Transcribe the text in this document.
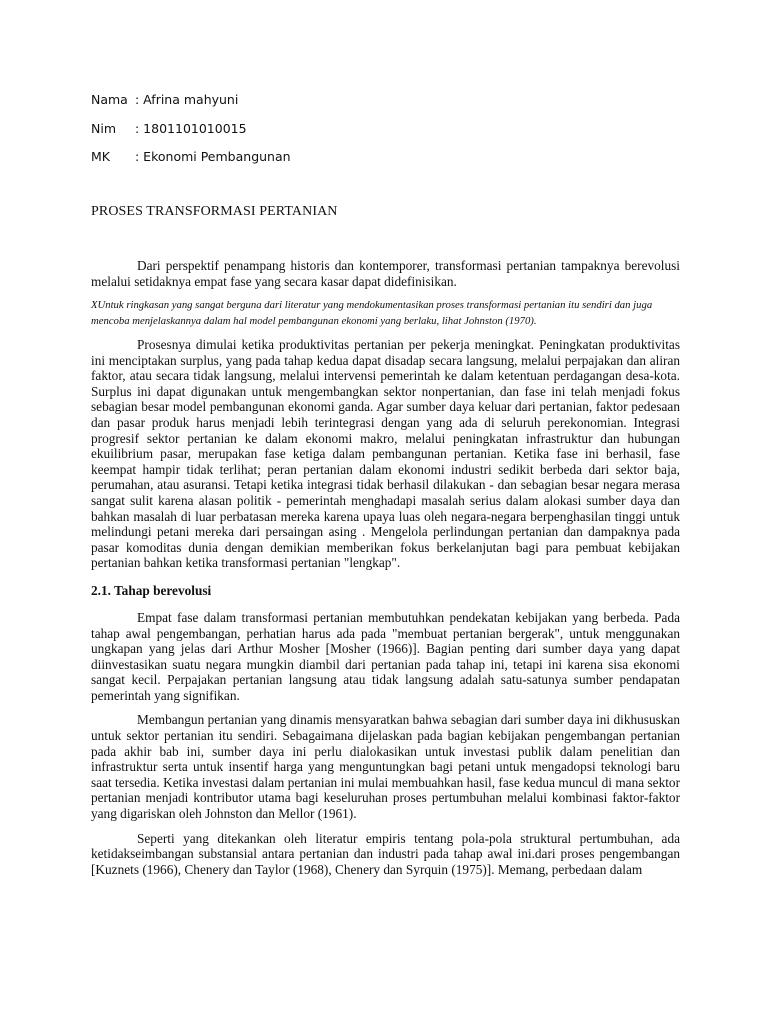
Nama : Afrina mahyuni
Nim : 1801101010015
MK : Ekonomi Pembangunan
PROSES TRANSFORMASI PERTANIAN

Dari perspektif penampang historis dan kontemporer, transformasi pertanian tampaknya berevolusi melalui setidaknya empat fase yang secara kasar dapat didefinisikan.

XUntuk ringkasan yang sangat berguna dari literatur yang mendokumentasikan proses transformasi pertanian itu sendiri dan juga mencoba menjelaskannya dalam hal model pembangunan ekonomi yang berlaku, lihat Johnston (1970).

Prosesnya dimulai ketika produktivitas pertanian per pekerja meningkat. Peningkatan produktivitas ini menciptakan surplus, yang pada tahap kedua dapat disadap secara langsung, melalui perpajakan dan aliran faktor, atau secara tidak langsung, melalui intervensi pemerintah ke dalam ketentuan perdagangan desa-kota. Surplus ini dapat digunakan untuk mengembangkan sektor nonpertanian, dan fase ini telah menjadi fokus sebagian besar model pembangunan ekonomi ganda. Agar sumber daya keluar dari pertanian, faktor pedesaan dan pasar produk harus menjadi lebih terintegrasi dengan yang ada di seluruh perekonomian. Integrasi progresif sektor pertanian ke dalam ekonomi makro, melalui peningkatan infrastruktur dan hubungan ekuilibrium pasar, merupakan fase ketiga dalam pembangunan pertanian. Ketika fase ini berhasil, fase keempat hampir tidak terlihat; peran pertanian dalam ekonomi industri sedikit berbeda dari sektor baja, perumahan, atau asuransi. Tetapi ketika integrasi tidak berhasil dilakukan - dan sebagian besar negara merasa sangat sulit karena alasan politik - pemerintah menghadapi masalah serius dalam alokasi sumber daya dan bahkan masalah di luar perbatasan mereka karena upaya luas oleh negara-negara berpenghasilan tinggi untuk melindungi petani mereka dari persaingan asing . Mengelola perlindungan pertanian dan dampaknya pada pasar komoditas dunia dengan demikian memberikan fokus berkelanjutan bagi para pembuat kebijakan pertanian bahkan ketika transformasi pertanian "lengkap".

2.1. Tahap berevolusi

Empat fase dalam transformasi pertanian membutuhkan pendekatan kebijakan yang berbeda. Pada tahap awal pengembangan, perhatian harus ada pada "membuat pertanian bergerak", untuk menggunakan ungkapan yang jelas dari Arthur Mosher [Mosher (1966)]. Bagian penting dari sumber daya yang dapat diinvestasikan suatu negara mungkin diambil dari pertanian pada tahap ini, tetapi ini karena sisa ekonomi sangat kecil. Perpajakan pertanian langsung atau tidak langsung adalah satu-satunya sumber pendapatan pemerintah yang signifikan.

Membangun pertanian yang dinamis mensyaratkan bahwa sebagian dari sumber daya ini dikhususkan untuk sektor pertanian itu sendiri. Sebagaimana dijelaskan pada bagian kebijakan pengembangan pertanian pada akhir bab ini, sumber daya ini perlu dialokasikan untuk investasi publik dalam penelitian dan infrastruktur serta untuk insentif harga yang menguntungkan bagi petani untuk mengadopsi teknologi baru saat tersedia. Ketika investasi dalam pertanian ini mulai membuahkan hasil, fase kedua muncul di mana sektor pertanian menjadi kontributor utama bagi keseluruhan proses pertumbuhan melalui kombinasi faktor-faktor yang digariskan oleh Johnston dan Mellor (1961).

Seperti yang ditekankan oleh literatur empiris tentang pola-pola struktural pertumbuhan, ada ketidakseimbangan substansial antara pertanian dan industri pada tahap awal ini.dari proses pengembangan [Kuznets (1966), Chenery dan Taylor (1968), Chenery dan Syrquin (1975)]. Memang, perbedaan dalam
